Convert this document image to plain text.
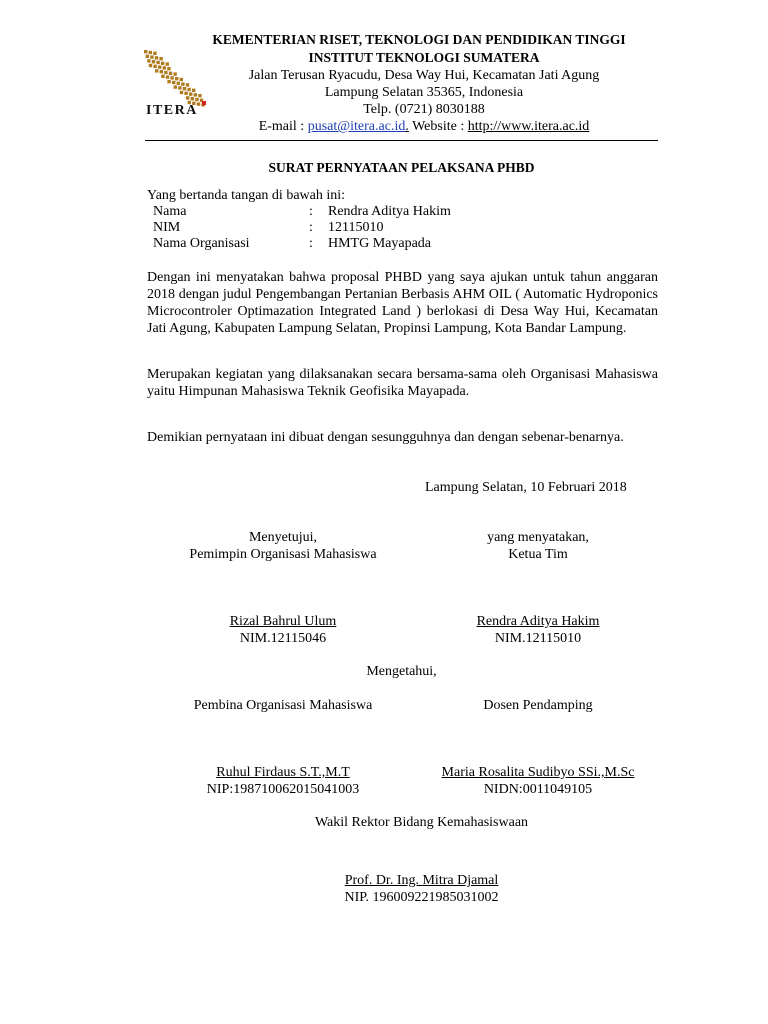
ITERA
KEMENTERIAN RISET, TEKNOLOGI DAN PENDIDIKAN TINGGI
INSTITUT TEKNOLOGI SUMATERA
Jalan Terusan Ryacudu, Desa Way Hui, Kecamatan Jati Agung
Lampung Selatan 35365, Indonesia
Telp. (0721) 8030188
E-mail : pusat@itera.ac.id. Website : http://www.itera.ac.id
SURAT PERNYATAAN PELAKSANA PHBD
Yang bertanda tangan di bawah ini:
Nama	: Rendra Aditya Hakim
NIM	: 12115010
Nama Organisasi	: HMTG Mayapada
Dengan ini menyatakan bahwa proposal PHBD yang saya ajukan untuk tahun anggaran 2018 dengan judul Pengembangan Pertanian Berbasis AHM OIL ( Automatic Hydroponics Microcontroler Optimazation Integrated Land ) berlokasi di Desa Way Hui, Kecamatan Jati Agung, Kabupaten Lampung Selatan, Propinsi Lampung, Kota Bandar Lampung.
Merupakan kegiatan yang dilaksanakan secara bersama-sama oleh Organisasi Mahasiswa yaitu Himpunan Mahasiswa Teknik Geofisika Mayapada.
Demikian pernyataan ini dibuat dengan sesungguhnya dan dengan sebenar-benarnya.
Lampung Selatan, 10 Februari 2018
Menyetujui,
Pemimpin Organisasi Mahasiswa
yang menyatakan,
Ketua Tim
Rizal Bahrul Ulum
NIM.12115046
Rendra Aditya Hakim
NIM.12115010
Mengetahui,
Pembina Organisasi Mahasiswa	Dosen Pendamping
Ruhul Firdaus S.T.,M.T
NIP:198710062015041003
Maria Rosalita Sudibyo SSi.,M.Sc
NIDN:0011049105
Wakil Rektor Bidang Kemahasiswaan
Prof. Dr. Ing. Mitra Djamal
NIP. 196009221985031002
